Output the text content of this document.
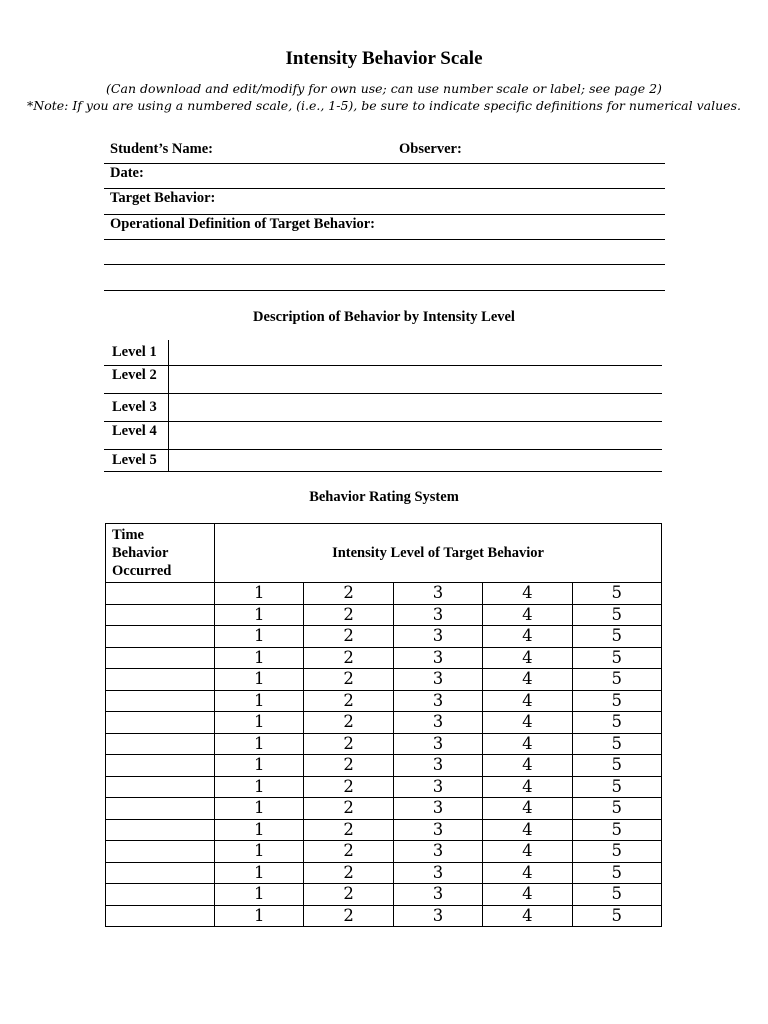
Intensity Behavior Scale
(Can download and edit/modify for own use; can use number scale or label; see page 2)
*Note: If you are using a numbered scale, (i.e., 1-5), be sure to indicate specific definitions for numerical values.
Student’s Name:	Observer:
Date:
Target Behavior:
Operational Definition of Target Behavior:
Description of Behavior by Intensity Level
Level 1	
Level 2	
Level 3	
Level 4	
Level 5	
Behavior Rating System
Time
Behavior
Occurred	Intensity Level of Target Behavior				
	1	2	3	4	5
	1	2	3	4	5
	1	2	3	4	5
	1	2	3	4	5
	1	2	3	4	5
	1	2	3	4	5
	1	2	3	4	5
	1	2	3	4	5
	1	2	3	4	5
	1	2	3	4	5
	1	2	3	4	5
	1	2	3	4	5
	1	2	3	4	5
	1	2	3	4	5
	1	2	3	4	5
	1	2	3	4	5
